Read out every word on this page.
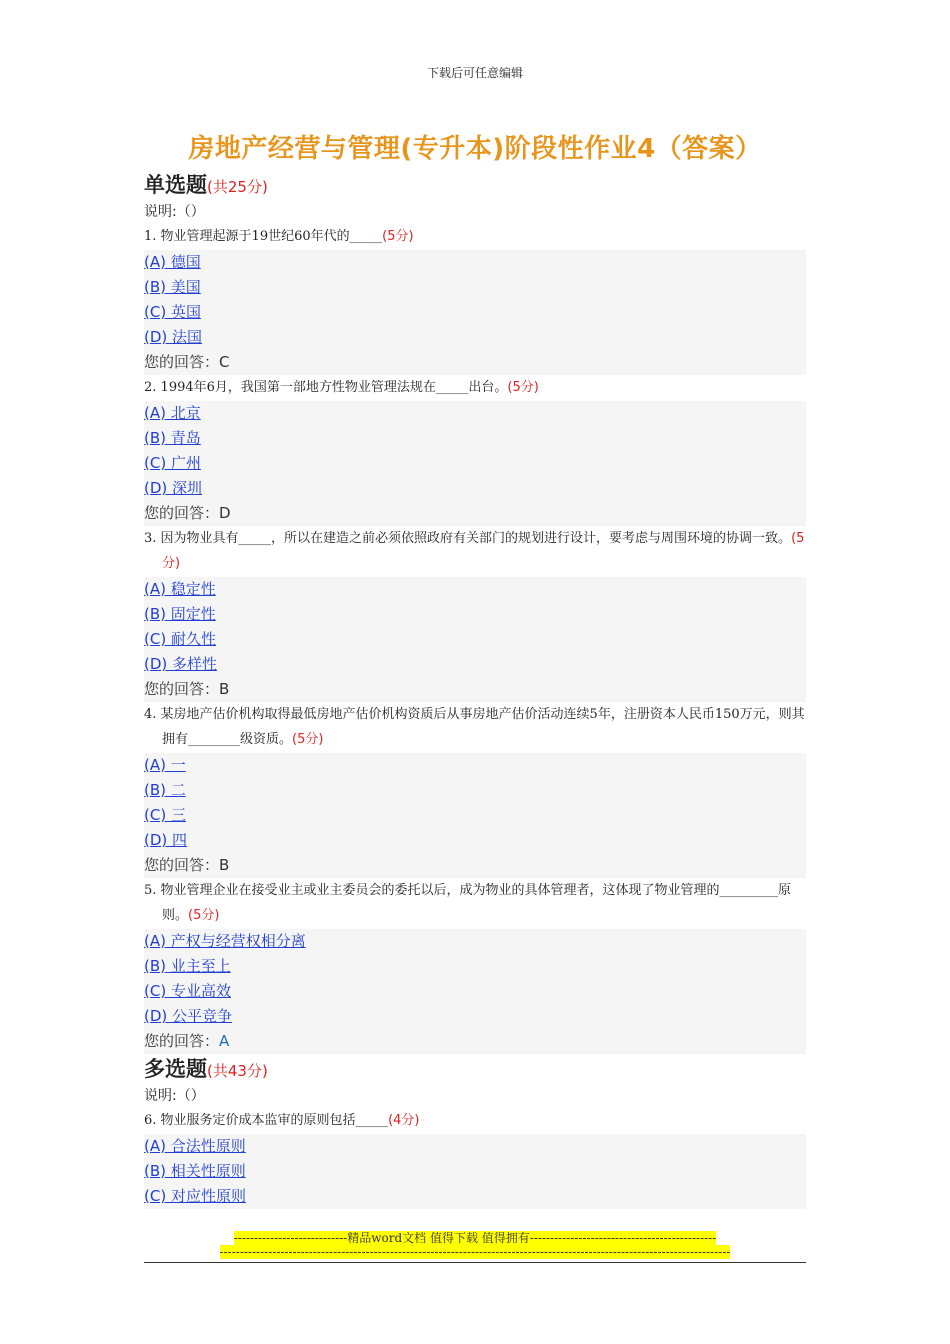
下载后可任意编辑
房地产经营与管理(专升本)阶段性作业4（答案）
单选题(共25分)
说明:（）
1. 物业管理起源于19世纪60年代的_____(5分)
(A) 德国
(B) 美国
(C) 英国
(D) 法国
您的回答：C
2. 1994年6月，我国第一部地方性物业管理法规在_____出台。(5分)
(A) 北京
(B) 青岛
(C) 广州
(D) 深圳
您的回答：D
3. 因为物业具有_____，所以在建造之前必须依照政府有关部门的规划进行设计，要考虑与周围环境的协调一致。(5分)
(A) 稳定性
(B) 固定性
(C) 耐久性
(D) 多样性
您的回答：B
4. 某房地产估价机构取得最低房地产估价机构资质后从事房地产估价活动连续5年，注册资本人民币150万元，则其拥有________级资质。(5分)
(A) 一
(B) 二
(C) 三
(D) 四
您的回答：B
5. 物业管理企业在接受业主或业主委员会的委托以后，成为物业的具体管理者，这体现了物业管理的_________原则。(5分)
(A) 产权与经营权相分离
(B) 业主至上
(C) 专业高效
(D) 公平竞争
您的回答：A
多选题(共43分)
说明:（）
6. 物业服务定价成本监审的原则包括_____(4分)
(A) 合法性原则
(B) 相关性原则
(C) 对应性原则
----------------------------精品word文档 值得下载 值得拥有----------------------------------------------
------------------------------------------------------------------------------------------------------------------------------
